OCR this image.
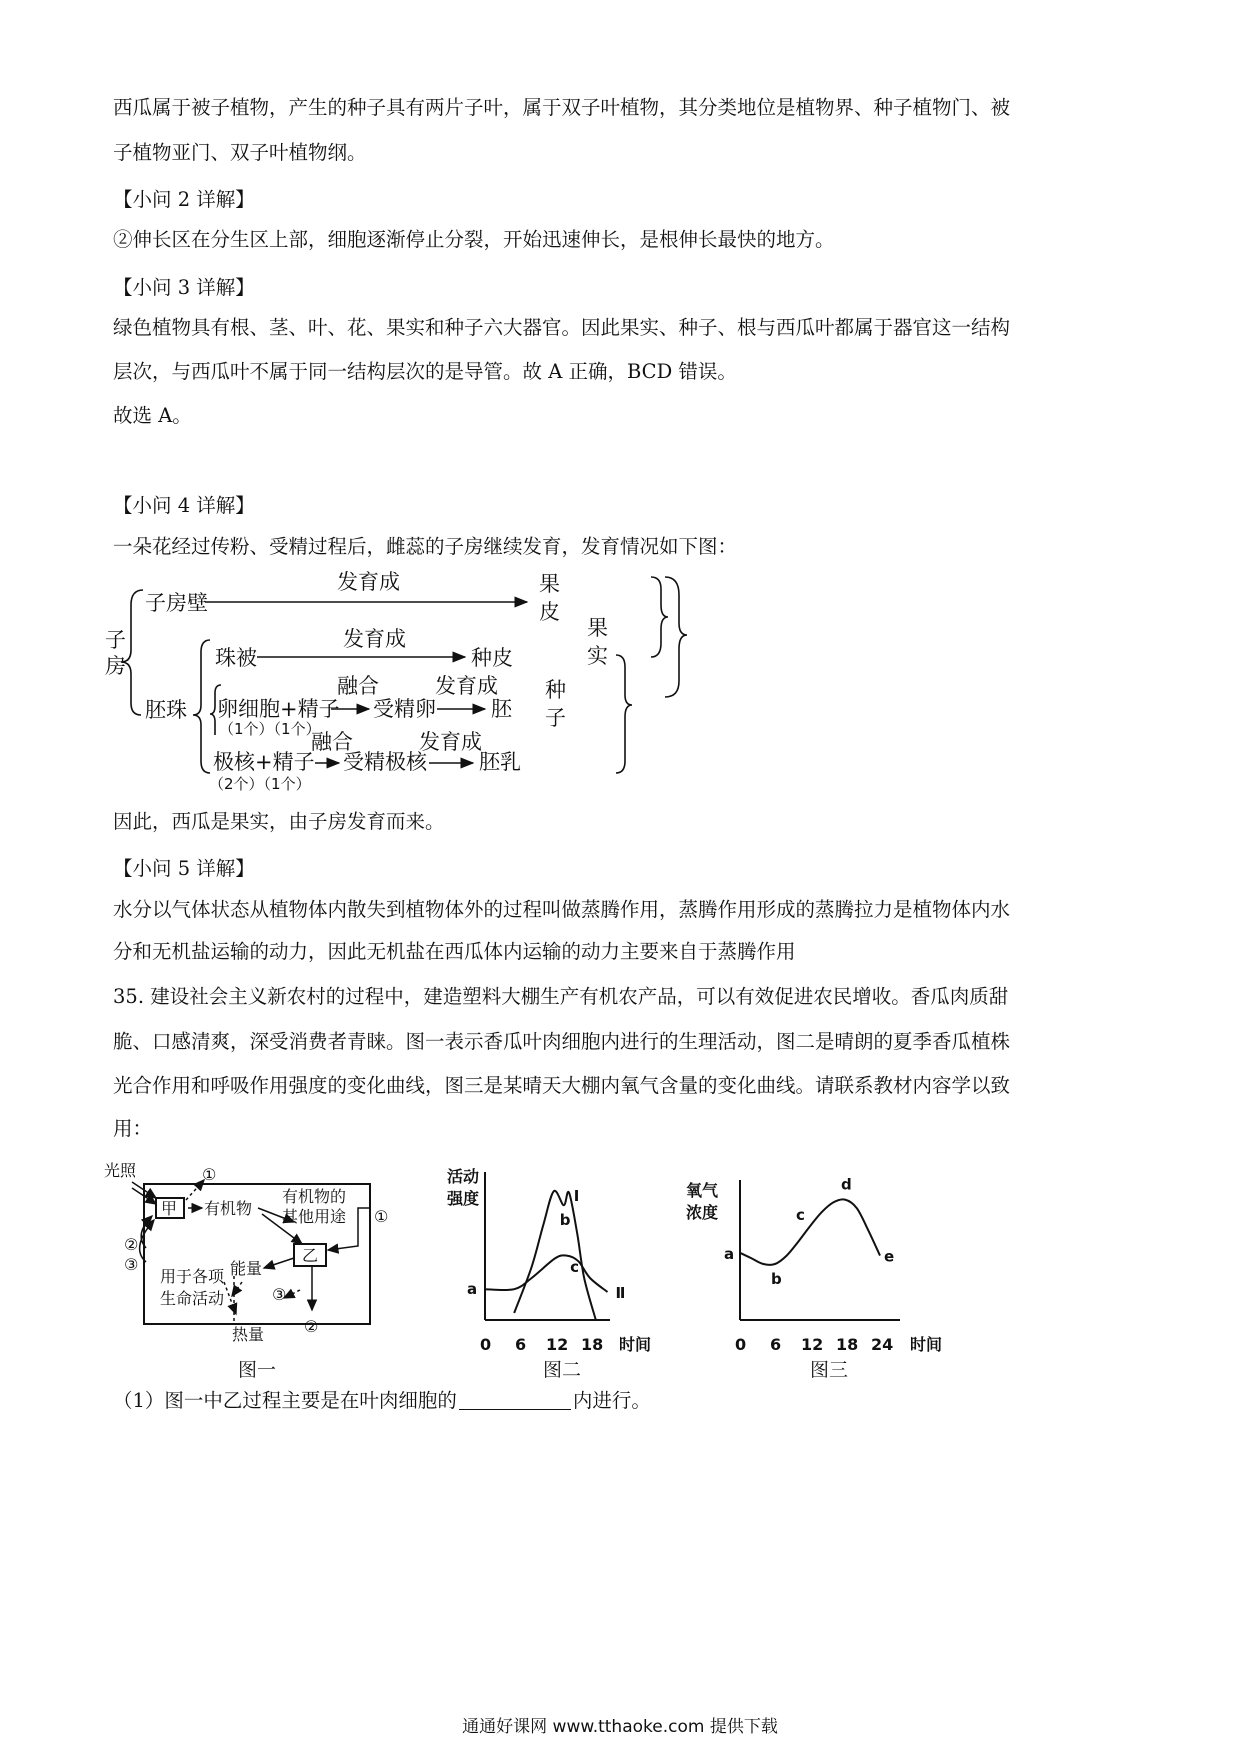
西瓜属于被子植物，产生的种子具有两片子叶，属于双子叶植物，其分类地位是植物界、种子植物门、被
子植物亚门、双子叶植物纲。
【小问 2 详解】
②伸长区在分生区上部，细胞逐渐停止分裂，开始迅速伸长，是根伸长最快的地方。
【小问 3 详解】
绿色植物具有根、茎、叶、花、果实和种子六大器官。因此果实、种子、根与西瓜叶都属于器官这一结构
层次，与西瓜叶不属于同一结构层次的是导管。故 A 正确，BCD 错误。
故选 A。
【小问 4 详解】
一朵花经过传粉、受精过程后，雌蕊的子房继续发育，发育情况如下图：
子
房
子房壁
发育成	果
皮
果
实
珠被
发育成
种皮
胚珠 卵细胞+精子
融合
受精卵
发育成
胚
种
子
极核+精子
融合
受精极核
发育成
胚乳
（1个）（1个）
（2个）（1个）
因此，西瓜是果实，由子房发育而来。
【小问 5 详解】
水分以气体状态从植物体内散失到植物体外的过程叫做蒸腾作用，蒸腾作用形成的蒸腾拉力是植物体内水
分和无机盐运输的动力，因此无机盐在西瓜体内运输的动力主要来自于蒸腾作用
35. 建设社会主义新农村的过程中，建造塑料大棚生产有机农产品，可以有效促进农民增收。香瓜肉质甜
脆、口感清爽，深受消费者青睐。图一表示香瓜叶肉细胞内进行的生理活动，图二是晴朗的夏季香瓜植株
光合作用和呼吸作用强度的变化曲线，图三是某晴天大棚内氧气含量的变化曲线。请联系教材内容学以致
用：
光照
甲 有机物
有机物的
其他用途
乙
能量
用于各项
生命活动
热量
①
①
②
③
③
②
图一
活动
强度
0 6 12 18
Ⅰ
b
c
Ⅱ
a
时间
图二
氧气
浓度
0 6 12 18 24
a
b
c
d
e
时间
图三
（1）图一中乙过程主要是在叶肉细胞的	内进行。
通通好课网 www.tthaoke.com 提供下载
